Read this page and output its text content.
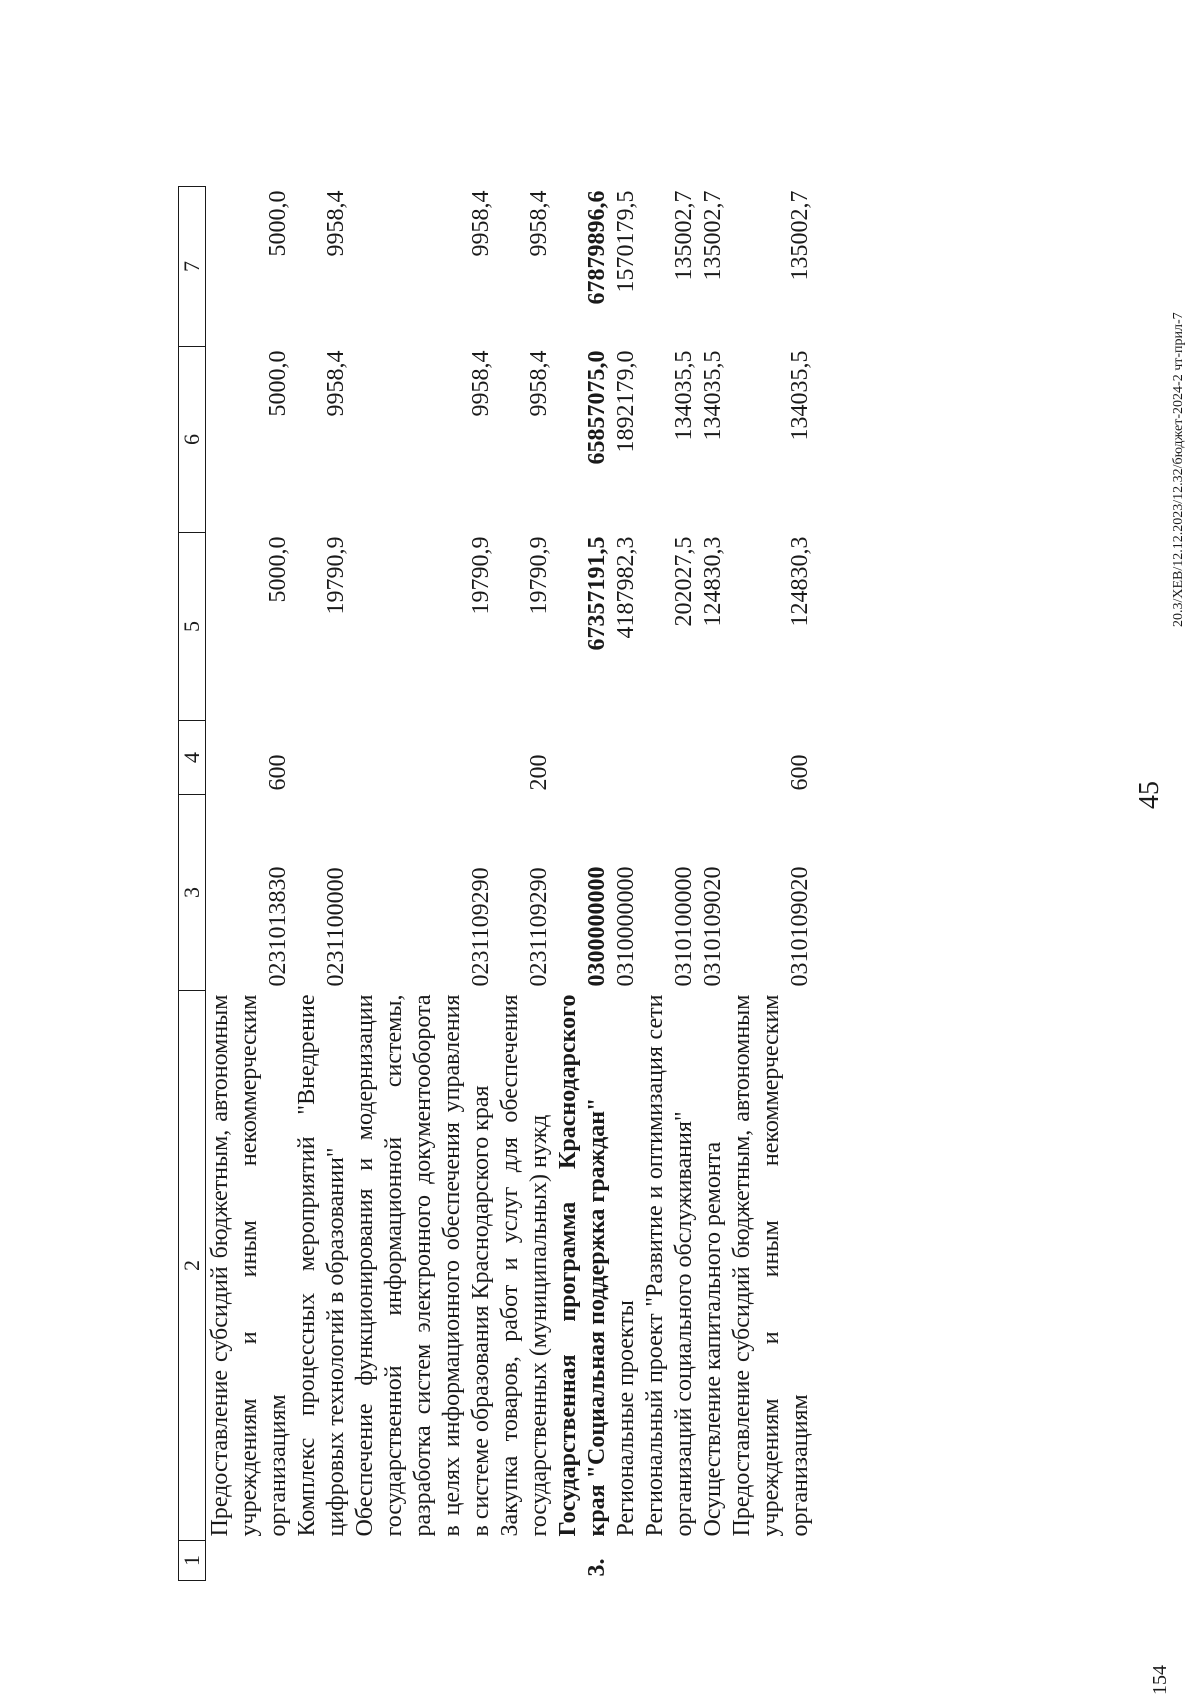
45
20.3/XEB/12.12.2023/12.32/бюджет-2024-2 чт-прил-7
154
1	2	3	4	5	6	7
	Предоставление субсидий бюджетным, автономным учреждениям и иным некоммерческим организациям	0231013830	600	5000,0	5000,0	5000,0
	Комплекс процессных мероприятий "Внедрение цифровых технологий в образовании"	0231100000		19790,9	9958,4	9958,4
	Обеспечение функционирования и модернизации государственной информационной системы, разработка систем электронного документооборота в целях информационного обеспечения управления в системе образования Краснодарского края	0231109290		19790,9	9958,4	9958,4
	Закупка товаров, работ и услуг для обеспечения государственных (муниципальных) нужд	0231109290	200	19790,9	9958,4	9958,4
3.	Государственная программа Краснодарского края "Социальная поддержка граждан"	0300000000		67357191,5	65857075,0	67879896,6
	Региональные проекты	0310000000		4187982,3	1892179,0	1570179,5
	Региональный проект "Развитие и оптимизация сети организаций социального обслуживания"	0310100000		202027,5	134035,5	135002,7
	Осуществление капитального ремонта	0310109020		124830,3	134035,5	135002,7
	Предоставление субсидий бюджетным, автономным учреждениям и иным некоммерческим организациям	0310109020	600	124830,3	134035,5	135002,7
